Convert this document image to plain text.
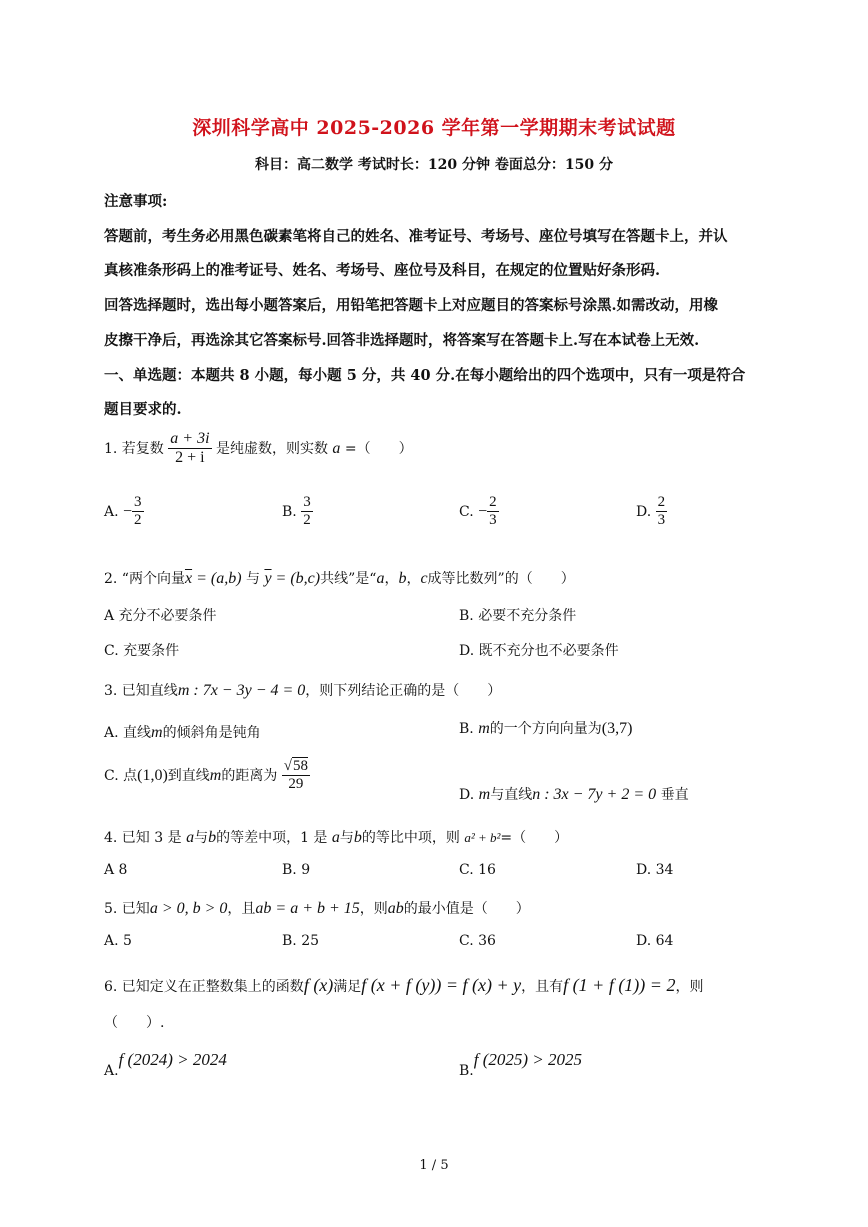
深圳科学高中 2025-2026 学年第一学期期末考试试题
科目：高二数学 考试时长：120 分钟 卷面总分：150 分
注意事项:
答题前，考生务必用黑色碳素笔将自己的姓名、准考证号、考场号、座位号填写在答题卡上，并认
真核准条形码上的准考证号、姓名、考场号、座位号及科目，在规定的位置贴好条形码.
回答选择题时，选出每小题答案后，用铅笔把答题卡上对应题目的答案标号涂黑.如需改动，用橡
皮擦干净后，再选涂其它答案标号.回答非选择题时，将答案写在答题卡上.写在本试卷上无效.
一、单选题：本题共 8 小题，每小题 5 分，共 40 分.在每小题给出的四个选项中，只有一项是符合
题目要求的.
1. 若复数 $\frac{a + 3i}{2 + i}$ 是纯虚数，则实数 a =（　　）
A. − $\frac{3}{2}$	B. $\frac{3}{2}$	C. − $\frac{2}{3}$	D. $\frac{2}{3}$
2. “两个向量$\overline{x} = (a,b)$ 与 $\overline{y} = (b,c)$共线”是“a，b，c成等比数列”的（　　）
A 充分不必要条件	B. 必要不充分条件
C. 充要条件	D. 既不充分也不必要条件
3. 已知直线m : 7x − 3y − 4 = 0，则下列结论正确的是（　　）
A. 直线m的倾斜角是钝角	B. m的一个方向向量为(3,7)
C. 点(1,0)到直线m的距离为 $\frac{√58}{29}$
D. m与直线n : 3x − 7y + 2 = 0 垂直
4. 已知 3 是 a与b的等差中项，1 是 a与b的等比中项，则 a² + b²=（　　）
A 8	B. 9	C. 16	D. 34
5. 已知a > 0, b > 0，且ab = a + b + 15，则ab的最小值是（　　）
A. 5	B. 25	C. 36	D. 64
6. 已知定义在正整数集上的函数f (x)满足f (x + f (y)) = f (x) + y，且有f (1 + f (1)) = 2，则
（　　）.
A.f (2024) > 2024
B.f (2025) > 2025
1 / 5
